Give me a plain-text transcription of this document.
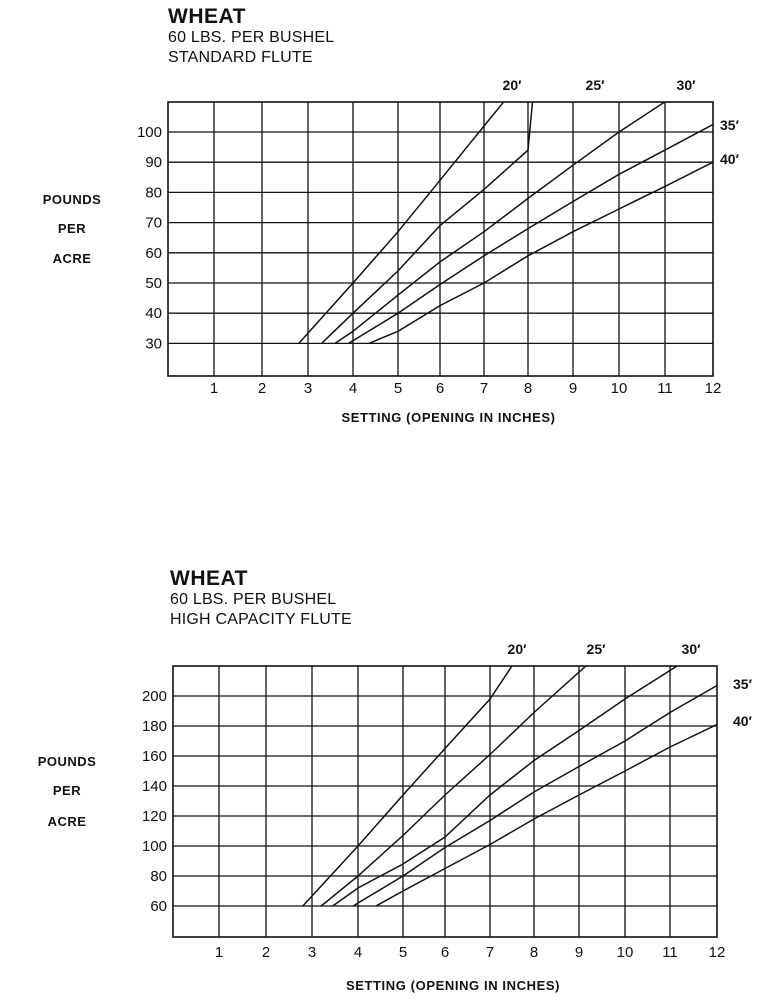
WHEAT
60 LBS. PER BUSHEL
STANDARD FLUTE
100
90
80
70
60
50
40
30
1	2	3 4 5 6 7 8 9 10 11 12
POUNDS
PER
ACRE
SETTING (OPENING IN INCHES)
20′	25′	30′
35′
40′
WHEAT
60 LBS. PER BUSHEL
HIGH CAPACITY FLUTE
200
180
160
140
120
100
80
60
1	2	3	4 5 6 7 8 9 10 11 12
POUNDS
PER
ACRE
SETTING (OPENING IN INCHES)
20′	25′	30′
35′
40′
